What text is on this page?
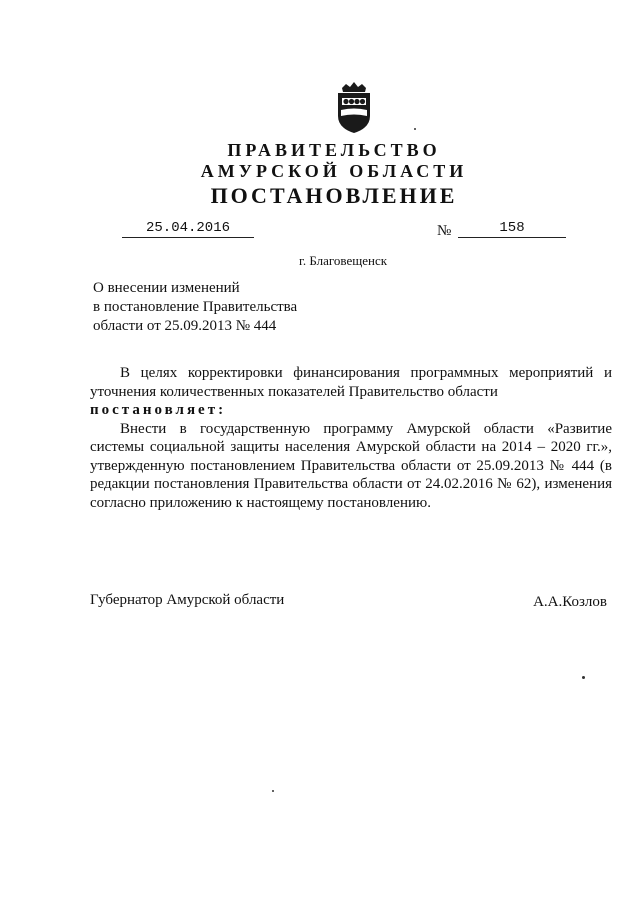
ПРАВИТЕЛЬСТВО
АМУРСКОЙ ОБЛАСТИ
ПОСТАНОВЛЕНИЕ
25.04.2016	№	158
г. Благовещенск
О внесении изменений
в постановление Правительства
области от 25.09.2013 № 444

В целях корректировки финансирования программных мероприятий и уточнения количественных показателей Правительство области

постановляет:

Внести в государственную программу Амурской области «Развитие системы социальной защиты населения Амурской области на 2014 – 2020 гг.», утвержденную постановлением Правительства области от 25.09.2013 № 444 (в редакции постановления Правительства области от 24.02.2016 № 62), изменения согласно приложению к настоящему постановлению.

Губернатор Амурской области	А.А.Козлов
